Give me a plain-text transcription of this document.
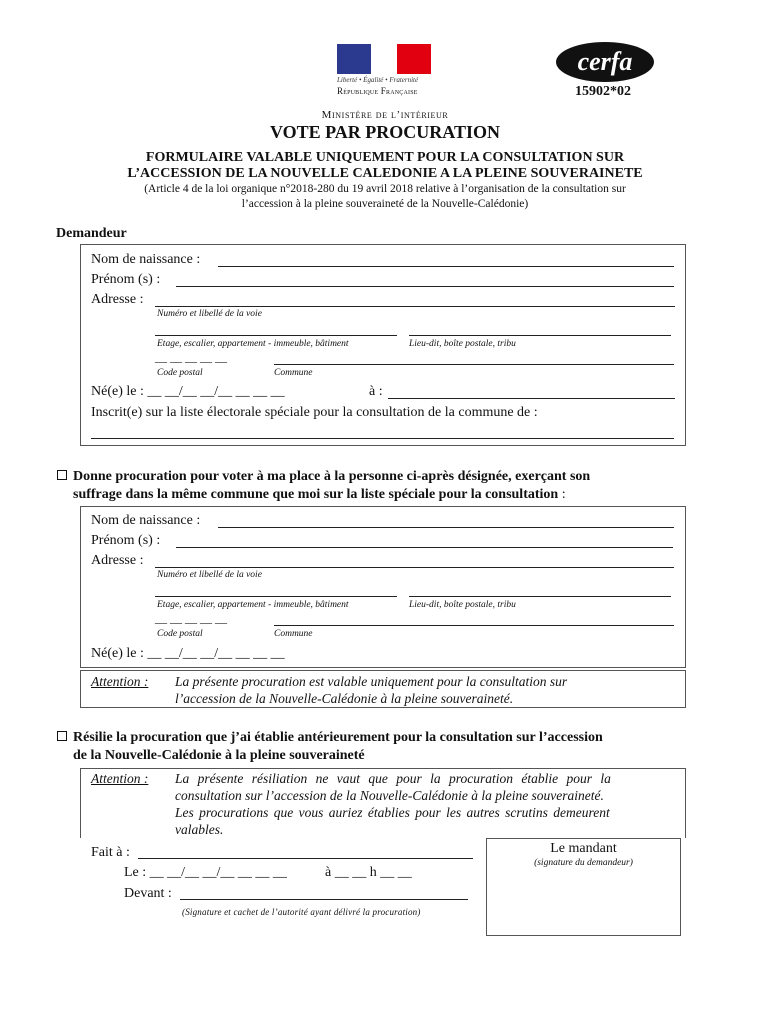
Liberté • Égalité • Fraternité
République Française
cerfa
15902*02
Ministère de l’intérieur
VOTE PAR PROCURATION
FORMULAIRE VALABLE UNIQUEMENT POUR LA CONSULTATION SUR
L’ACCESSION DE LA NOUVELLE CALEDONIE A LA PLEINE SOUVERAINETE
(Article 4 de la loi organique n°2018-280 du 19 avril 2018 relative à l’organisation de la consultation sur
l’accession à la pleine souveraineté de la Nouvelle-Calédonie)
Demandeur
Nom de naissance :
Prénom (s) :
Adresse :
Numéro et libellé de la voie
Etage, escalier, appartement - immeuble, bâtiment	Lieu-dit, boîte postale, tribu
__ __ __ __ __
Code postal	Commune
Né(e) le : __ __/__ __/__ __ __ __	à :
Inscrit(e) sur la liste électorale spéciale pour la consultation de la commune de :
Donne procuration pour voter à ma place à la personne ci-après désignée, exerçant son
suffrage dans la même commune que moi sur la liste spéciale pour la consultation :
Nom de naissance :
Prénom (s) :
Adresse :
Numéro et libellé de la voie
Etage, escalier, appartement - immeuble, bâtiment	Lieu-dit, boîte postale, tribu
__ __ __ __ __
Code postal	Commune
Né(e) le : __ __/__ __/__ __ __ __
Attention : La présente procuration est valable uniquement pour la consultation sur
l’accession de la Nouvelle-Calédonie à la pleine souveraineté.
Résilie la procuration que j’ai établie antérieurement pour la consultation sur l’accession
de la Nouvelle-Calédonie à la pleine souveraineté
Attention : La présente résiliation ne vaut que pour la procuration établie pour la
consultation sur l’accession de la Nouvelle-Calédonie à la pleine souveraineté.
Les procurations que vous auriez établies pour les autres scrutins demeurent
valables.
Fait à :
Le : __ __/__ __/__ __ __ __	à __ __ h __ __
Devant :
(Signature et cachet de l’autorité ayant délivré la procuration)
Le mandant
(signature du demandeur)
